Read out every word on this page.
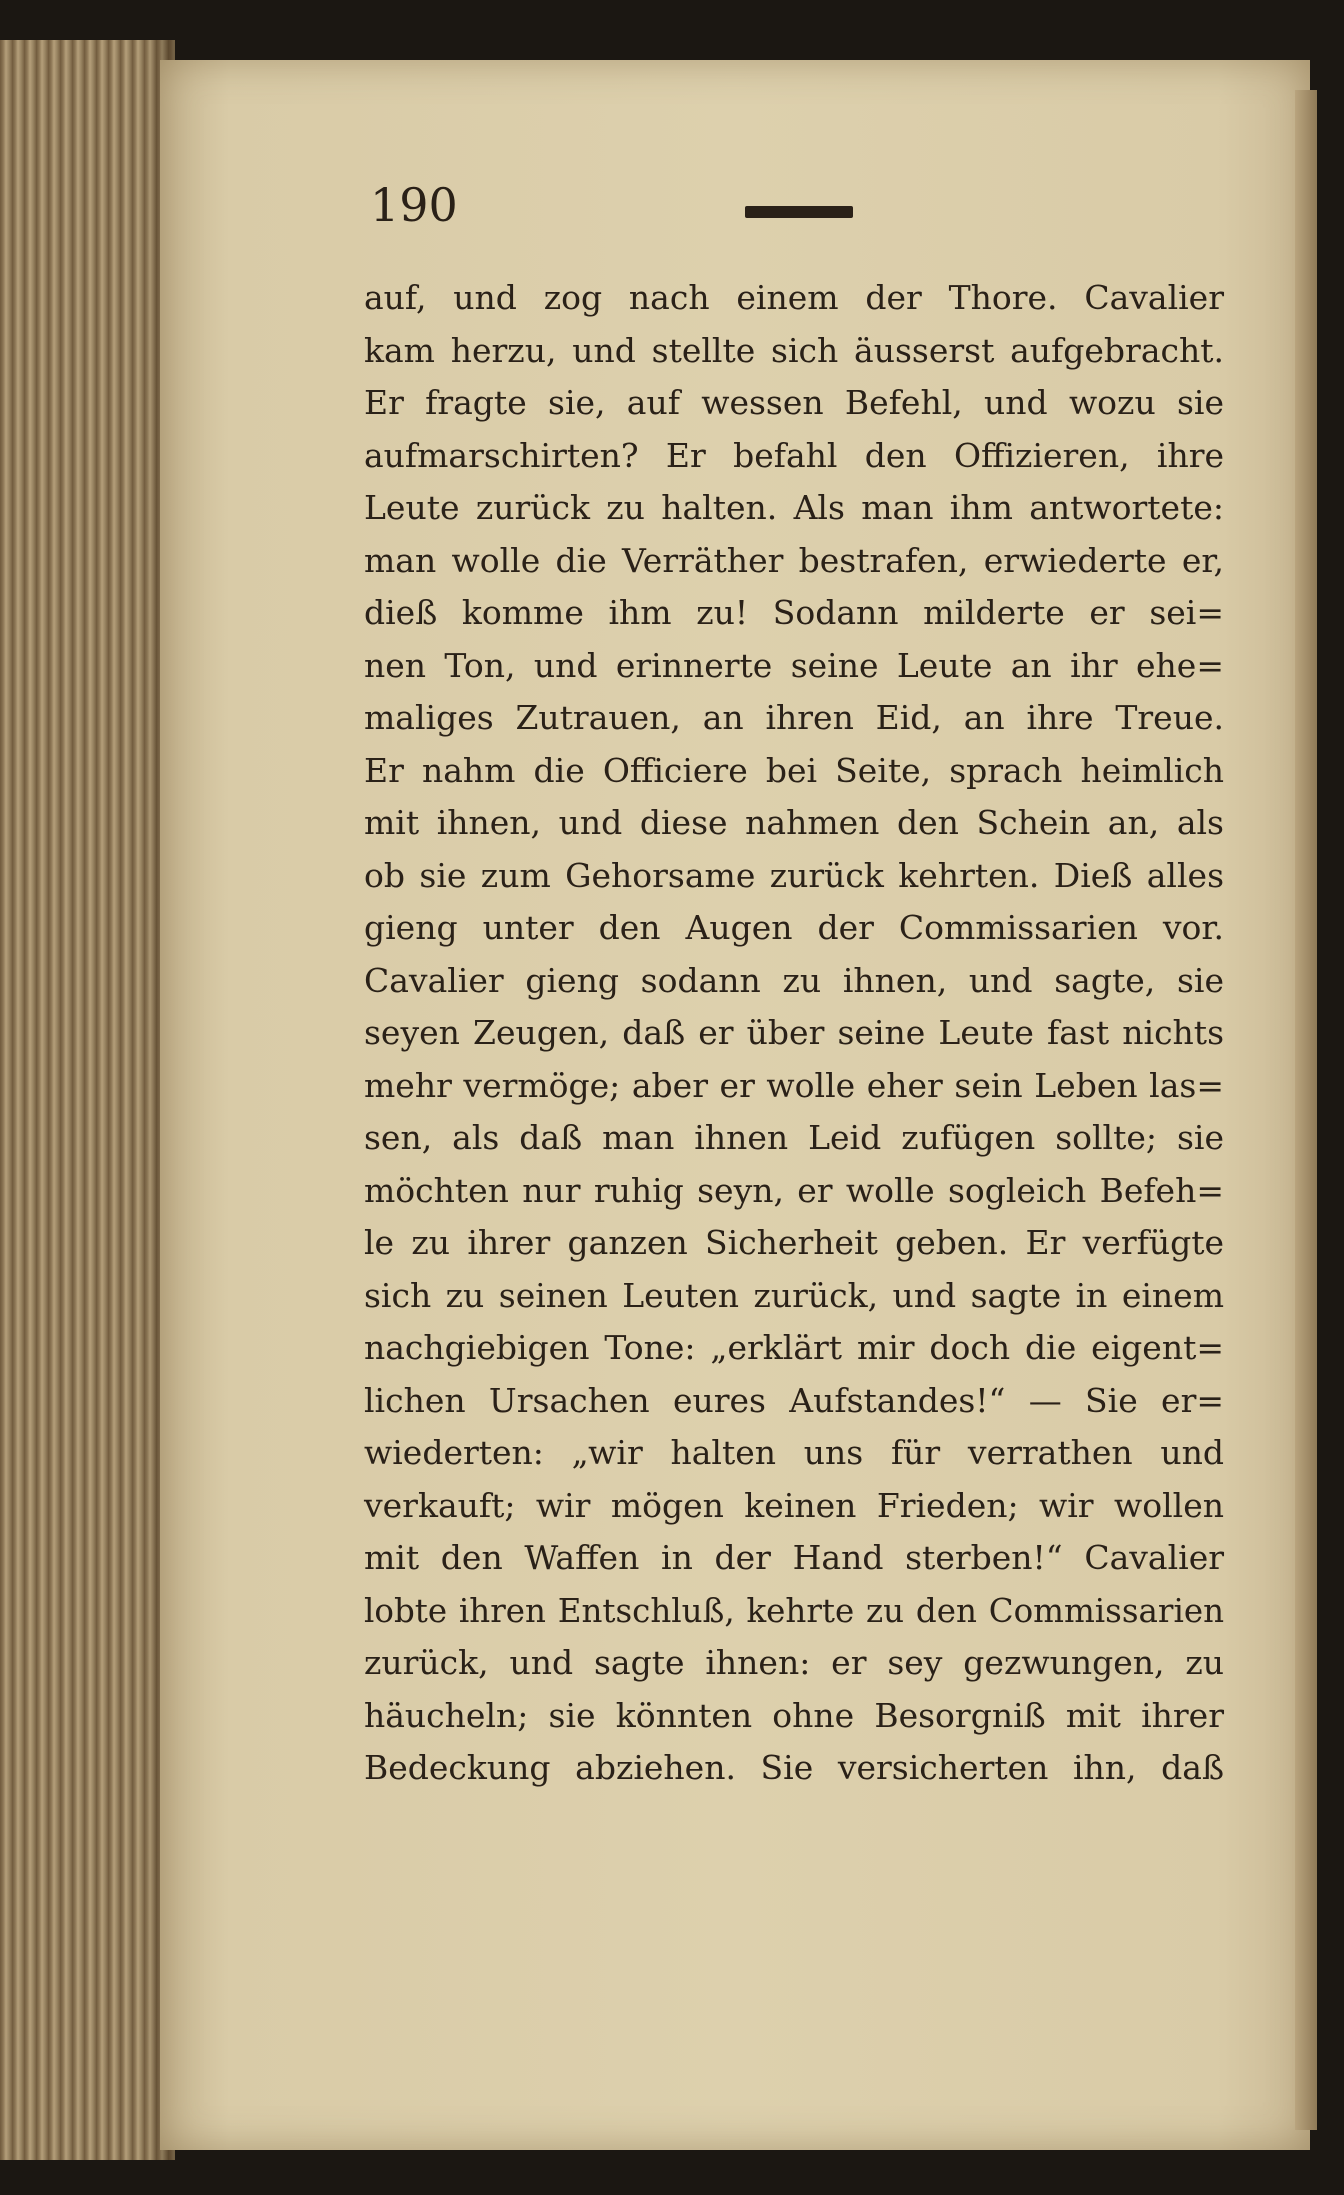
190
auf, und zog nach einem der Thore. Cavalier
kam herzu, und stellte sich äusserst aufgebracht.
Er fragte sie, auf wessen Befehl, und wozu sie
aufmarschirten? Er befahl den Offizieren, ihre
Leute zurück zu halten. Als man ihm antwortete:
man wolle die Verräther bestrafen, erwiederte er,
dieß komme ihm zu! Sodann milderte er sei=
nen Ton, und erinnerte seine Leute an ihr ehe=
maliges Zutrauen, an ihren Eid, an ihre Treue.
Er nahm die Officiere bei Seite, sprach heimlich
mit ihnen, und diese nahmen den Schein an, als
ob sie zum Gehorsame zurück kehrten. Dieß alles
gieng unter den Augen der Commissarien vor.
Cavalier gieng sodann zu ihnen, und sagte, sie
seyen Zeugen, daß er über seine Leute fast nichts
mehr vermöge; aber er wolle eher sein Leben las=
sen, als daß man ihnen Leid zufügen sollte; sie
möchten nur ruhig seyn, er wolle sogleich Befeh=
le zu ihrer ganzen Sicherheit geben. Er verfügte
sich zu seinen Leuten zurück, und sagte in einem
nachgiebigen Tone: „erklärt mir doch die eigent=
lichen Ursachen eures Aufstandes!“ — Sie er=
wiederten: „wir halten uns für verrathen und
verkauft; wir mögen keinen Frieden; wir wollen
mit den Waffen in der Hand sterben!“ Cavalier
lobte ihren Entschluß, kehrte zu den Commissarien
zurück, und sagte ihnen: er sey gezwungen, zu
häucheln; sie könnten ohne Besorgniß mit ihrer
Bedeckung abziehen. Sie versicherten ihn, daß
